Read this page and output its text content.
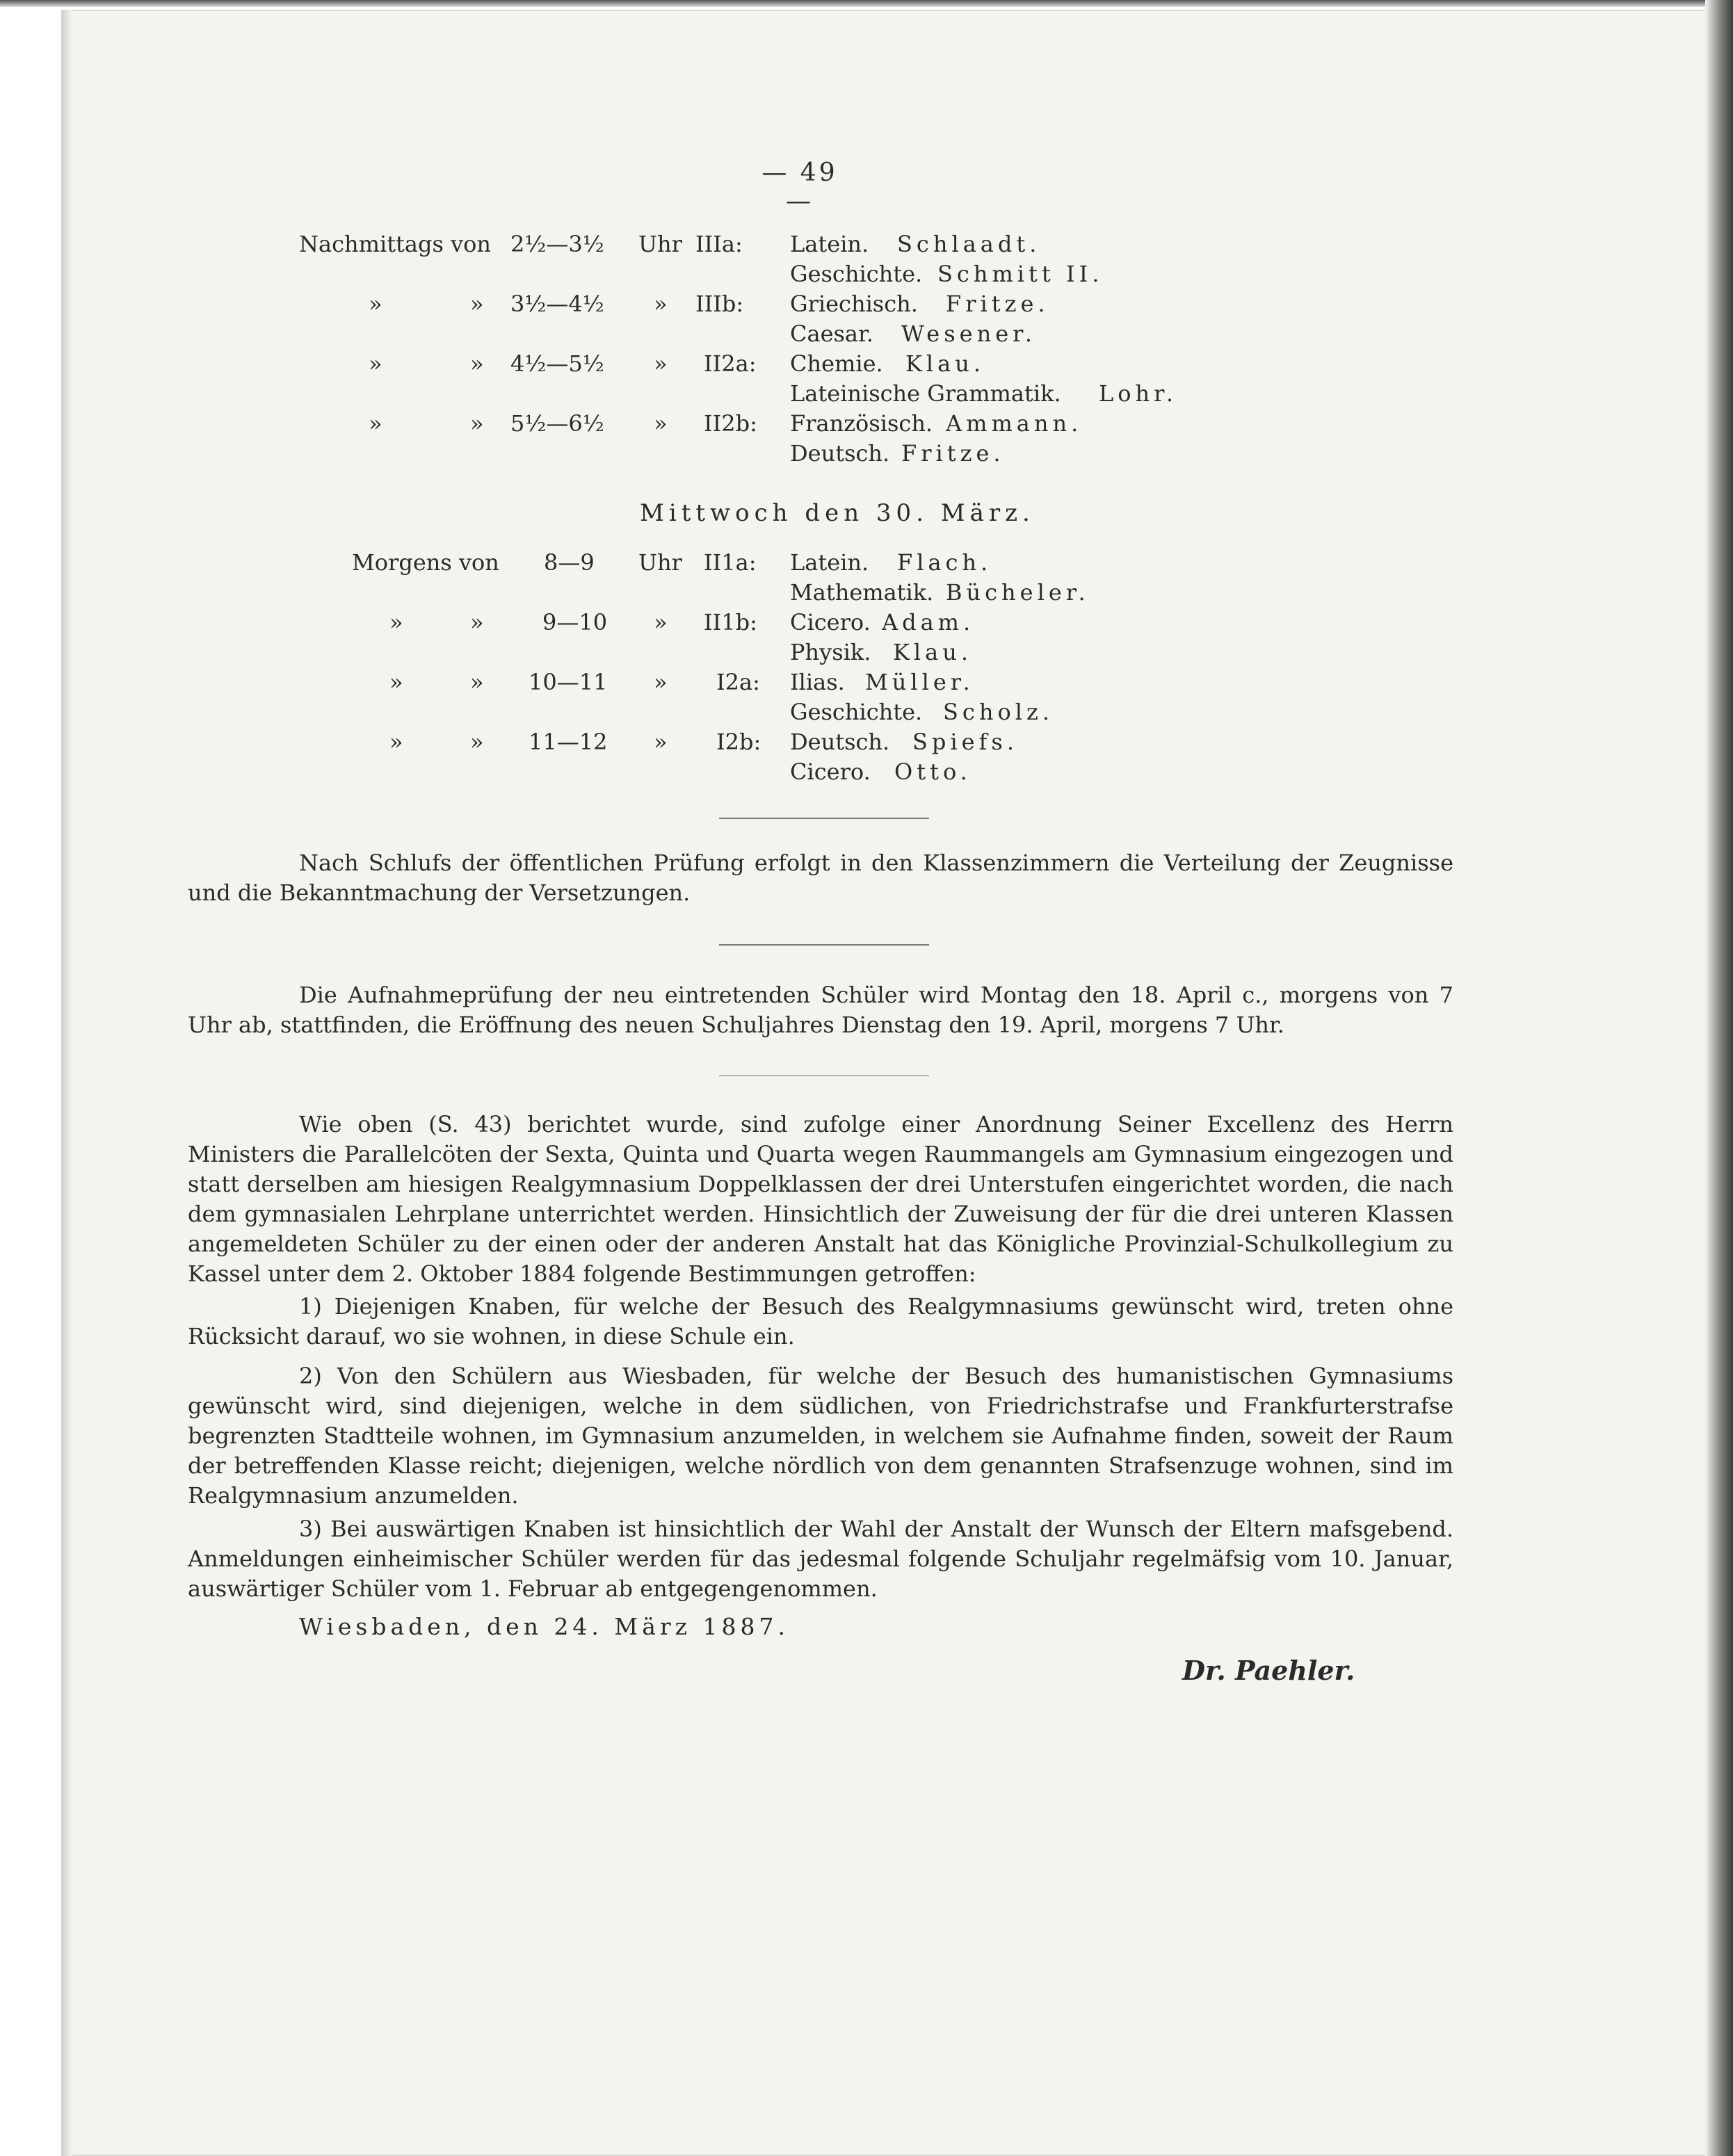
— 49 —
Nachmittags von 2½—3½ Uhr IIIa: Latein. Schlaadt.
Geschichte. Schmitt II.
»	» 3½—4½ » IIIb: Griechisch. Fritze.
Caesar. Wesener.
»	» 4½—5½ » II2a: Chemie. Klau.
Lateinische Grammatik. Lohr.
»	» 5½—6½ » II2b: Französisch. Ammann.
Deutsch. Fritze.
Mittwoch den 30. März.
Morgens von 8—9 Uhr II1a: Latein. Flach.
Mathematik. Bücheler.
»	»	9—10 » II1b: Cicero. Adam.
Physik. Klau.
»	» 10—11 » I2a: Ilias. Müller.
Geschichte. Scholz.
»	» 11—12 » I2b: Deutsch. Spiefs.
Cicero. Otto.

Nach Schlufs der öffentlichen Prüfung erfolgt in den Klassenzimmern die Verteilung der Zeugnisse und die Bekanntmachung der Versetzungen.

Die Aufnahmeprüfung der neu eintretenden Schüler wird Montag den 18. April c., morgens von 7 Uhr ab, stattfinden, die Eröffnung des neuen Schuljahres Dienstag den 19. April, morgens 7 Uhr.

Wie oben (S. 43) berichtet wurde, sind zufolge einer Anordnung Seiner Excellenz des Herrn Ministers die Parallelcöten der Sexta, Quinta und Quarta wegen Raummangels am Gymnasium eingezogen und statt derselben am hiesigen Realgymnasium Doppelklassen der drei Unterstufen eingerichtet worden, die nach dem gymnasialen Lehrplane unterrichtet werden. Hinsichtlich der Zuweisung der für die drei unteren Klassen angemeldeten Schüler zu der einen oder der anderen Anstalt hat das Königliche Provinzial-Schulkollegium zu Kassel unter dem 2. Oktober 1884 folgende Bestimmungen getroffen:

1) Diejenigen Knaben, für welche der Besuch des Realgymnasiums gewünscht wird, treten ohne Rücksicht darauf, wo sie wohnen, in diese Schule ein.

2) Von den Schülern aus Wiesbaden, für welche der Besuch des humanistischen Gymnasiums gewünscht wird, sind diejenigen, welche in dem südlichen, von Friedrichstrafse und Frankfurterstrafse begrenzten Stadtteile wohnen, im Gymnasium anzumelden, in welchem sie Aufnahme finden, soweit der Raum der betreffenden Klasse reicht; diejenigen, welche nördlich von dem genannten Strafsenzuge wohnen, sind im Realgymnasium anzumelden.

3) Bei auswärtigen Knaben ist hinsichtlich der Wahl der Anstalt der Wunsch der Eltern mafsgebend. Anmeldungen einheimischer Schüler werden für das jedesmal folgende Schuljahr regelmäfsig vom 10. Januar, auswärtiger Schüler vom 1. Februar ab entgegengenommen.

Wiesbaden, den 24. März 1887.
Dr. Paehler.
